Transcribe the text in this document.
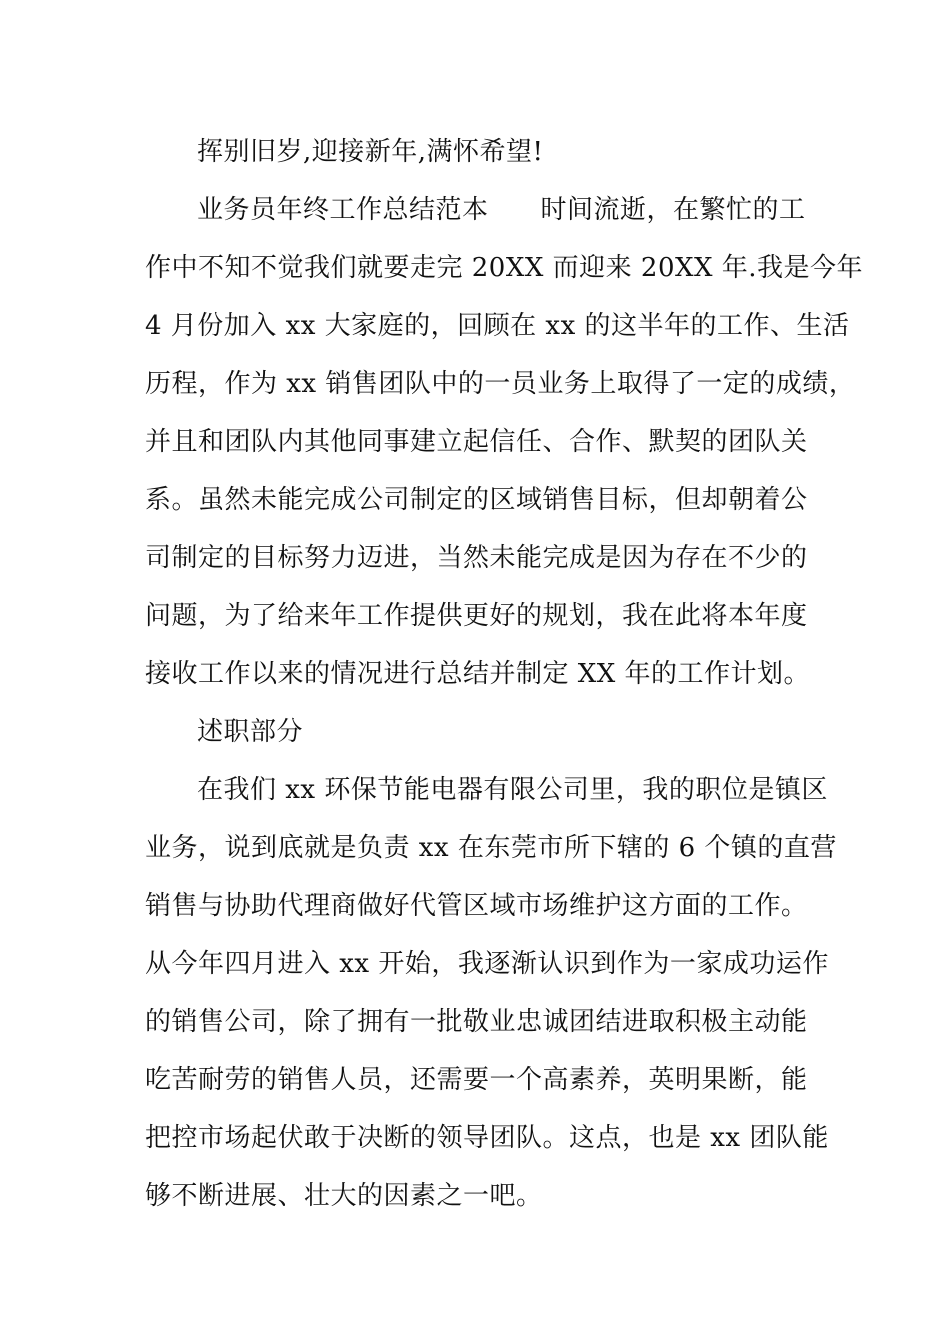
挥别旧岁,迎接新年,满怀希望!
业务员年终工作总结范本 时间流逝，在繁忙的工
作中不知不觉我们就要走完 20XX 而迎来 20XX 年.我是今年
4 月份加入 xx 大家庭的，回顾在 xx 的这半年的工作、生活
历程，作为 xx 销售团队中的一员业务上取得了一定的成绩，
并且和团队内其他同事建立起信任、合作、默契的团队关
系。虽然未能完成公司制定的区域销售目标，但却朝着公
司制定的目标努力迈进，当然未能完成是因为存在不少的
问题，为了给来年工作提供更好的规划，我在此将本年度
接收工作以来的情况进行总结并制定 XX 年的工作计划。
述职部分
在我们 xx 环保节能电器有限公司里，我的职位是镇区
业务，说到底就是负责 xx 在东莞市所下辖的 6 个镇的直营
销售与协助代理商做好代管区域市场维护这方面的工作。
从今年四月进入 xx 开始，我逐渐认识到作为一家成功运作
的销售公司，除了拥有一批敬业忠诚团结进取积极主动能
吃苦耐劳的销售人员，还需要一个高素养，英明果断，能
把控市场起伏敢于决断的领导团队。这点，也是 xx 团队能
够不断进展、壮大的因素之一吧。
